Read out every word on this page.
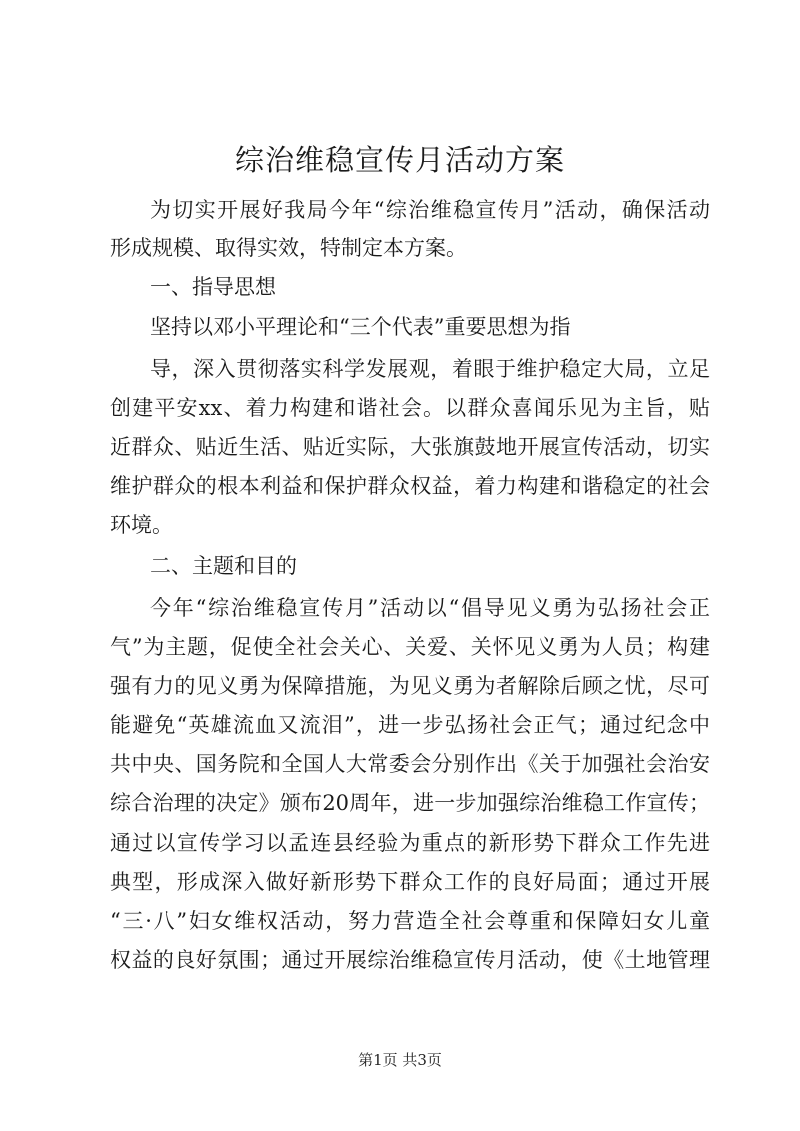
综治维稳宣传月活动方案
为切实开展好我局今年“综治维稳宣传月”活动，确保活动
形成规模、取得实效，特制定本方案。
一、指导思想
坚持以邓小平理论和“三个代表”重要思想为指
导，深入贯彻落实科学发展观，着眼于维护稳定大局，立足
创建平安xx、着力构建和谐社会。以群众喜闻乐见为主旨，贴
近群众、贴近生活、贴近实际，大张旗鼓地开展宣传活动，切实
维护群众的根本利益和保护群众权益，着力构建和谐稳定的社会
环境。
二、主题和目的
今年“综治维稳宣传月”活动以“倡导见义勇为弘扬社会正
气”为主题，促使全社会关心、关爱、关怀见义勇为人员；构建
强有力的见义勇为保障措施，为见义勇为者解除后顾之忧，尽可
能避免“英雄流血又流泪”，进一步弘扬社会正气；通过纪念中
共中央、国务院和全国人大常委会分别作出《关于加强社会治安
综合治理的决定》颁布20周年，进一步加强综治维稳工作宣传；
通过以宣传学习以孟连县经验为重点的新形势下群众工作先进
典型，形成深入做好新形势下群众工作的良好局面；通过开展
“三·八”妇女维权活动，努力营造全社会尊重和保障妇女儿童
权益的良好氛围；通过开展综治维稳宣传月活动，使《土地管理
第1页 共3页
